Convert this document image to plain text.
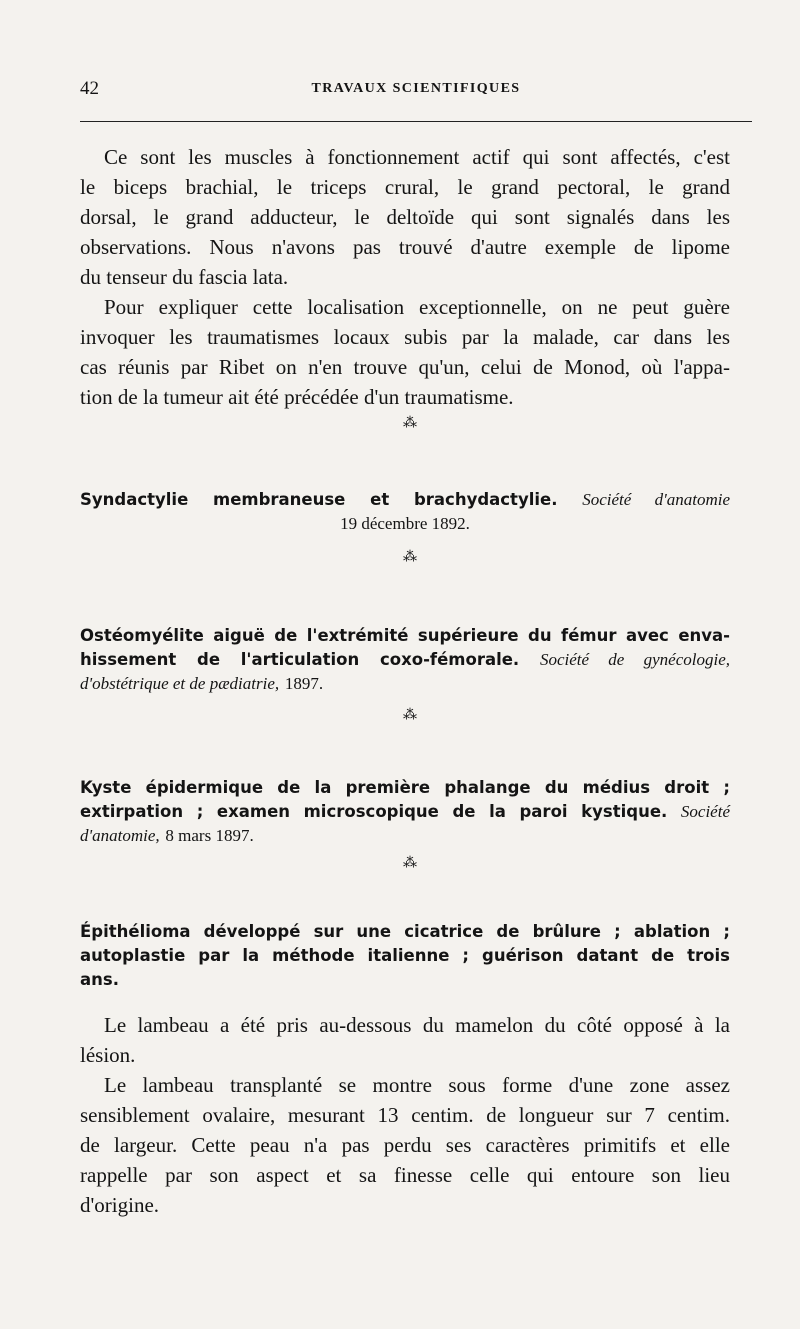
42	TRAVAUX SCIENTIFIQUES
Ce sont les muscles à fonctionnement actif qui sont affectés, c'est
le biceps brachial, le triceps crural, le grand pectoral, le grand
dorsal, le grand adducteur, le deltoïde qui sont signalés dans les
observations. Nous n'avons pas trouvé d'autre exemple de lipome
du tenseur du fascia lata.
Pour expliquer cette localisation exceptionnelle, on ne peut guère
invoquer les traumatismes locaux subis par la malade, car dans les
cas réunis par Ribet on n'en trouve qu'un, celui de Monod, où l'appa-
tion de la tumeur ait été précédée d'un traumatisme.
⁂
Syndactylie membraneuse et brachydactylie. Société d'anatomie
19 décembre 1892.
⁂
Ostéomyélite aiguë de l'extrémité supérieure du fémur avec enva-
hissement de l'articulation coxo-fémorale. Société de gynécologie,
d'obstétrique et de pædiatrie, 1897.
⁂
Kyste épidermique de la première phalange du médius droit ;
extirpation ; examen microscopique de la paroi kystique. Société
d'anatomie, 8 mars 1897.
⁂
Épithélioma développé sur une cicatrice de brûlure ; ablation ;
autoplastie par la méthode italienne ; guérison datant de trois
ans.
Le lambeau a été pris au-dessous du mamelon du côté opposé à la
lésion.
Le lambeau transplanté se montre sous forme d'une zone assez
sensiblement ovalaire, mesurant 13 centim. de longueur sur 7 centim.
de largeur. Cette peau n'a pas perdu ses caractères primitifs et elle
rappelle par son aspect et sa finesse celle qui entoure son lieu
d'origine.
